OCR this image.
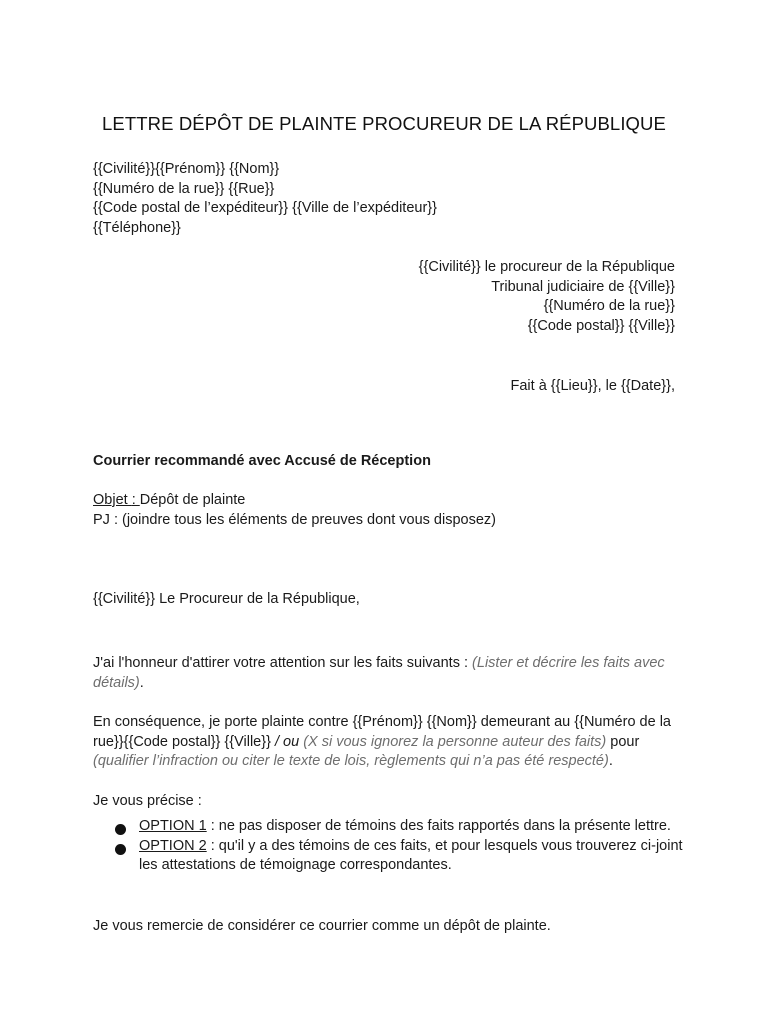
LETTRE DÉPÔT DE PLAINTE PROCUREUR DE LA RÉPUBLIQUE
{{Civilité}}{{Prénom}} {{Nom}}
{{Numéro de la rue}} {{Rue}}
{{Code postal de l’expéditeur}} {{Ville de l’expéditeur}}
{{Téléphone}}
{{Civilité}} le procureur de la République
Tribunal judiciaire de {{Ville}}
{{Numéro de la rue}}
{{Code postal}} {{Ville}}
Fait à {{Lieu}}, le {{Date}},
Courrier recommandé avec Accusé de Réception
Objet : Dépôt de plainte
PJ : (joindre tous les éléments de preuves dont vous disposez)
{{Civilité}} Le Procureur de la République,
J'ai l'honneur d'attirer votre attention sur les faits suivants : (Lister et décrire les faits avec détails).
En conséquence, je porte plainte contre {{Prénom}} {{Nom}} demeurant au {{Numéro de la rue}}{{Code postal}} {{Ville}} / ou (X si vous ignorez la personne auteur des faits) pour (qualifier l’infraction ou citer le texte de lois, règlements qui n’a pas été respecté).
Je vous précise :
OPTION 1 : ne pas disposer de témoins des faits rapportés dans la présente lettre.
OPTION 2 : qu'il y a des témoins de ces faits, et pour lesquels vous trouverez ci-joint les attestations de témoignage correspondantes.
Je vous remercie de considérer ce courrier comme un dépôt de plainte.
